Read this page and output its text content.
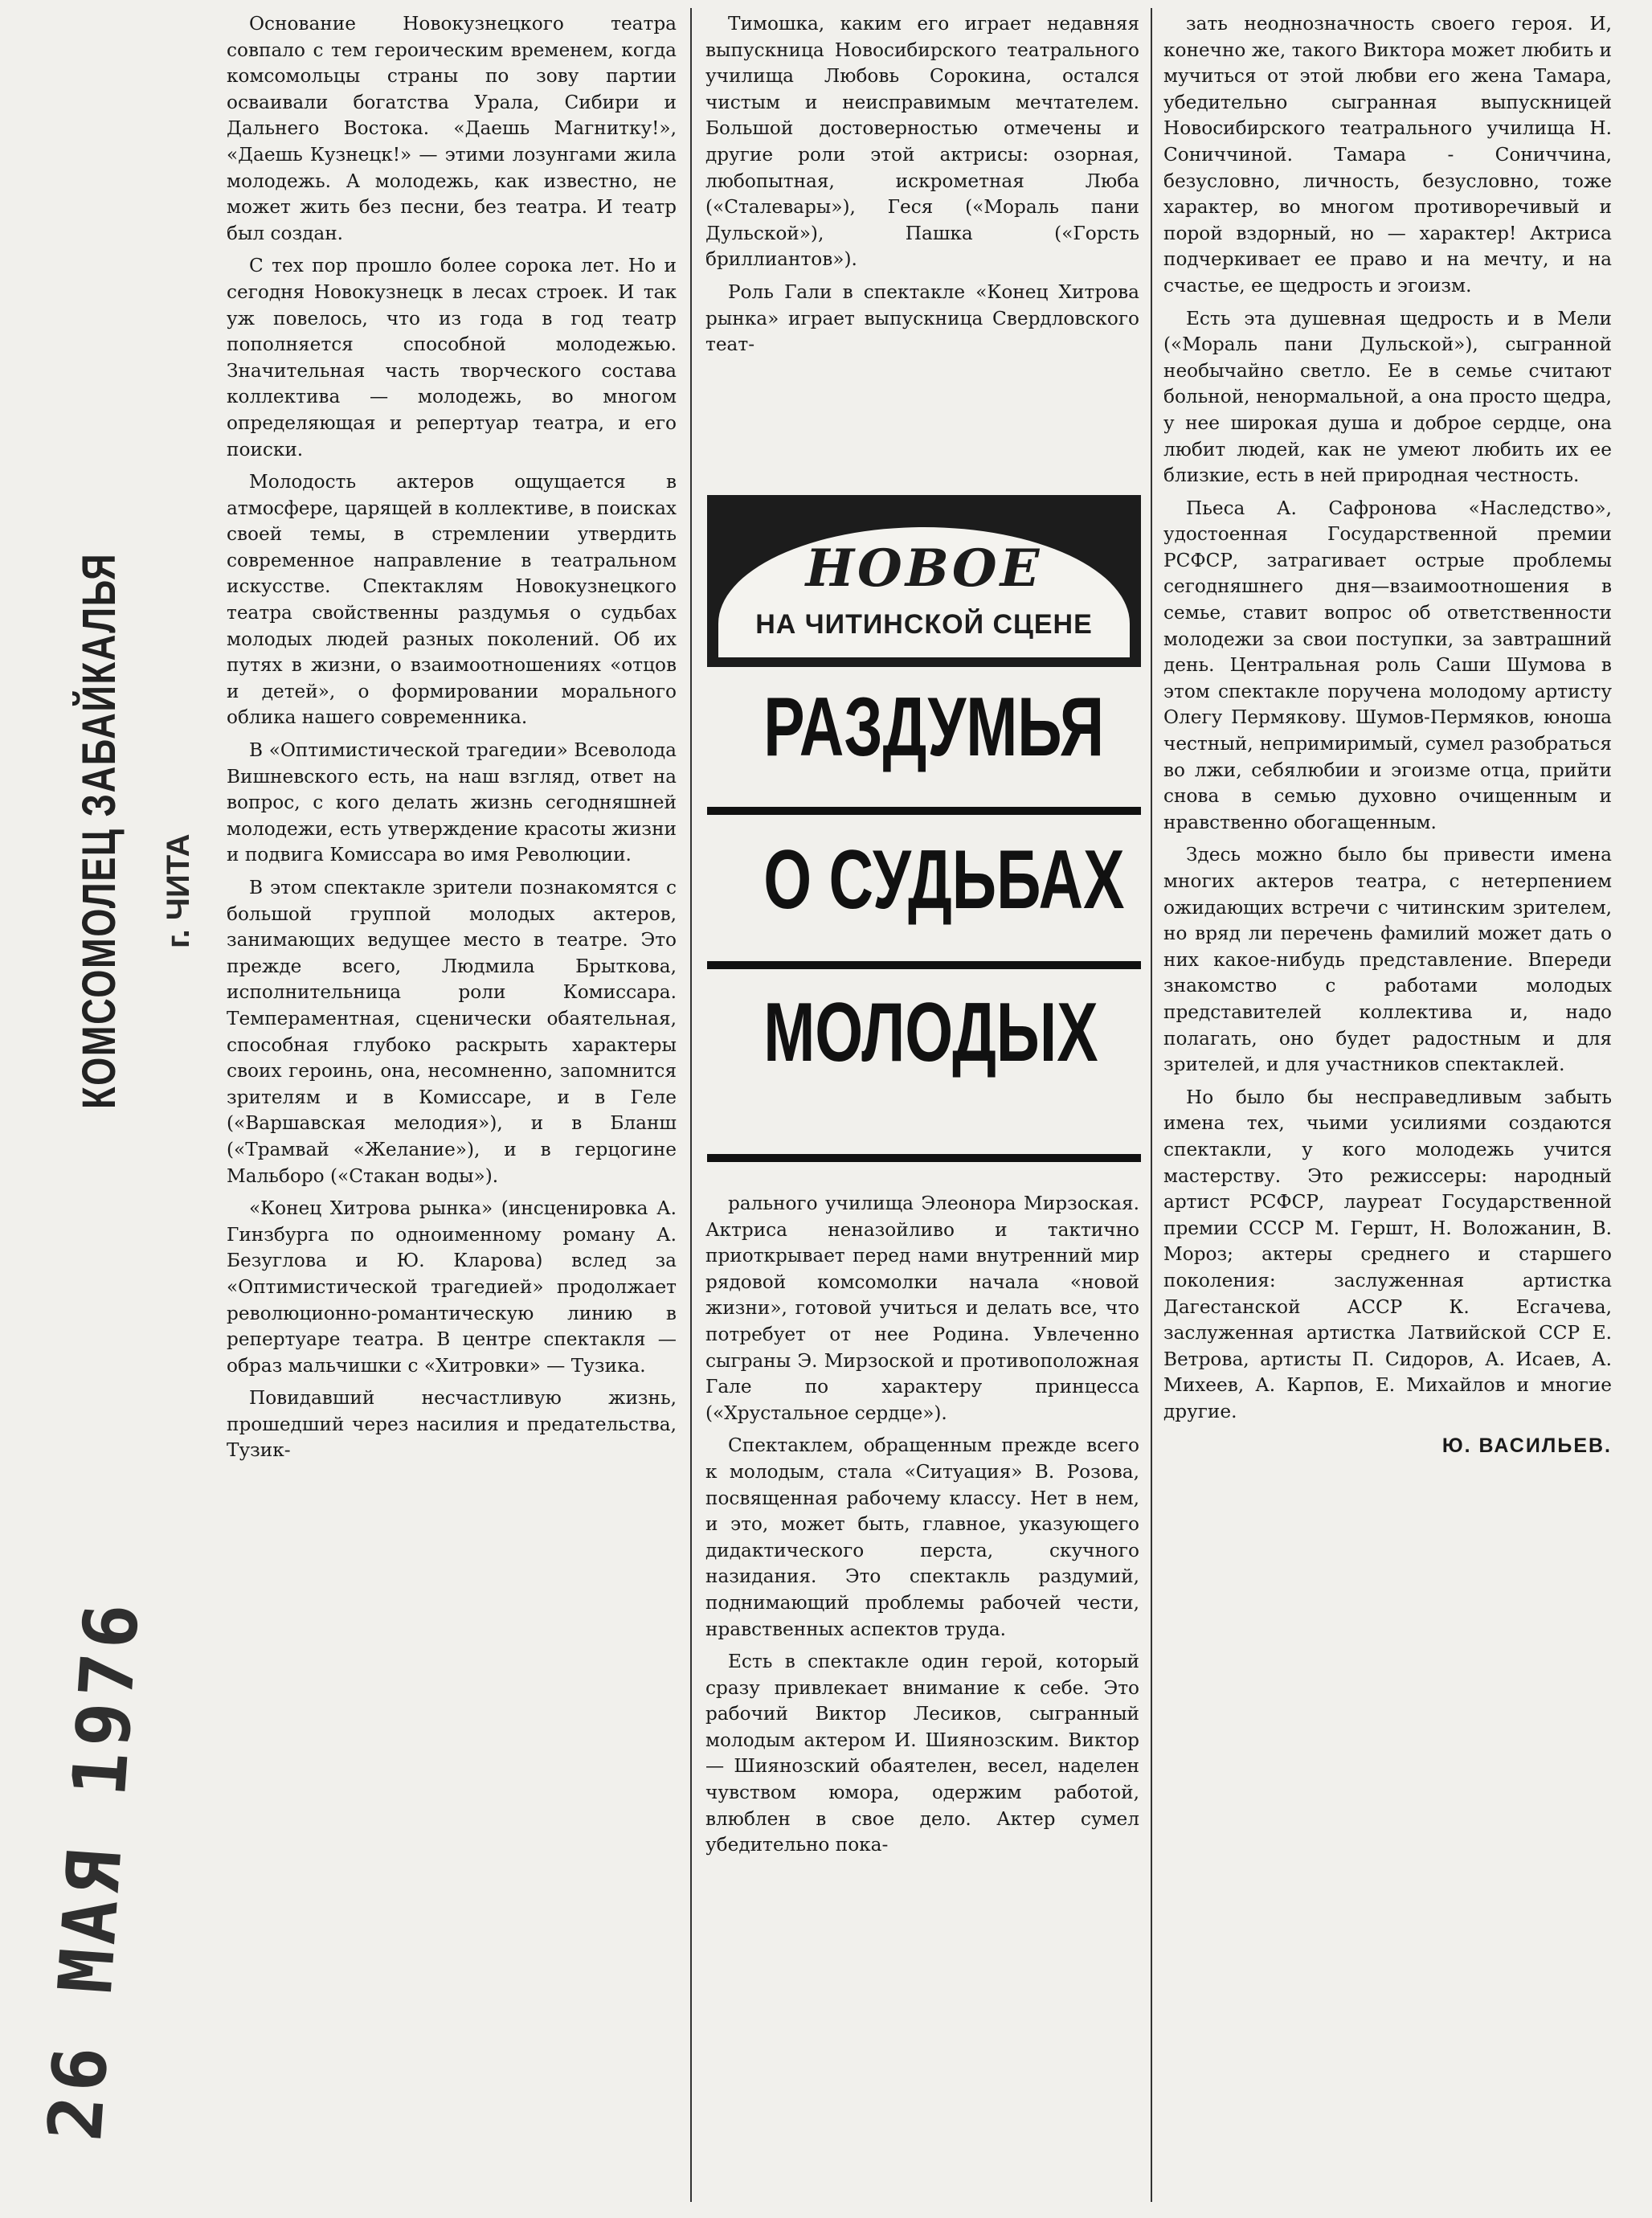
КОМСОМОЛЕЦ ЗАБАЙКАЛЬЯ г. ЧИТА
26 МАЯ 1976

Основание Новокузнецкого театра совпало с тем героическим временем, когда комсомольцы страны по зову партии осваивали богатства Урала, Сибири и Дальнего Востока. «Даешь Магнитку!», «Даешь Кузнецк!» — этими лозунгами жила молодежь. А молодежь, как известно, не может жить без песни, без театра. И театр был создан.

С тех пор прошло более сорока лет. Но и сегодня Новокузнецк в лесах строек. И так уж повелось, что из года в год театр пополняется способной молодежью. Значительная часть творческого состава коллектива — молодежь, во многом определяющая и репертуар театра, и его поиски.

Молодость актеров ощущается в атмосфере, царящей в коллективе, в поисках своей темы, в стремлении утвердить современное направление в театральном искусстве. Спектаклям Новокузнецкого театра свойственны раздумья о судьбах молодых людей разных поколений. Об их путях в жизни, о взаимоотношениях «отцов и детей», о формировании морального облика нашего современника.

В «Оптимистической трагедии» Всеволода Вишневского есть, на наш взгляд, ответ на вопрос, с кого делать жизнь сегодняшней молодежи, есть утверждение красоты жизни и подвига Комиссара во имя Революции.

В этом спектакле зрители познакомятся с большой группой молодых актеров, занимающих ведущее место в театре. Это прежде всего, Людмила Брыткова, исполнительница роли Комиссара. Темпераментная, сценически обаятельная, способная глубоко раскрыть характеры своих героинь, она, несомненно, запомнится зрителям и в Комиссаре, и в Геле («Варшавская мелодия»), и в Бланш («Трамвай «Желание»), и в герцогине Мальборо («Стакан воды»).

«Конец Хитрова рынка» (инсценировка А. Гинзбурга по одноименному роману А. Безуглова и Ю. Кларова) вслед за «Оптимистической трагедией» продолжает революционно-романтическую линию в репертуаре театра. В центре спектакля — образ мальчишки с «Хитровки» — Тузика.

Повидавший несчастливую жизнь, прошедший через насилия и предательства, Тузик-

Тимошка, каким его играет недавняя выпускница Новосибирского театрального училища Любовь Сорокина, остался чистым и неисправимым мечтателем. Большой достоверностью отмечены и другие роли этой актрисы: озорная, любопытная, искрометная Люба («Сталевары»), Геся («Мораль пани Дульской»), Пашка («Горсть бриллиантов»).

Роль Гали в спектакле «Конец Хитрова рынка» играет выпускница Свердловского теат-

НОВОЕ
НА ЧИТИНСКОЙ СЦЕНЕ
РАЗДУМЬЯ
О СУДЬБАХ
МОЛОДЫХ

рального училища Элеонора Мирзоская. Актриса неназойливо и тактично приоткрывает перед нами внутренний мир рядовой комсомолки начала «новой жизни», готовой учиться и делать все, что потребует от нее Родина. Увлеченно сыграны Э. Мирзоской и противоположная Гале по характеру принцесса («Хрустальное сердце»).

Спектаклем, обращенным прежде всего к молодым, стала «Ситуация» В. Розова, посвященная рабочему классу. Нет в нем, и это, может быть, главное, указующего дидактического перста, скучного назидания. Это спектакль раздумий, поднимающий проблемы рабочей чести, нравственных аспектов труда.

Есть в спектакле один герой, который сразу привлекает внимание к себе. Это рабочий Виктор Лесиков, сыгранный молодым актером И. Шиянозским. Виктор — Шиянозский обаятелен, весел, наделен чувством юмора, одержим работой, влюблен в свое дело. Актер сумел убедительно пока-

зать неоднозначность своего героя. И, конечно же, такого Виктора может любить и мучиться от этой любви его жена Тамара, убедительно сыгранная выпускницей Новосибирского театрального училища Н. Сониччиной. Тамара - Сониччина, безусловно, личность, безусловно, тоже характер, во многом противоречивый и порой вздорный, но — характер! Актриса подчеркивает ее право и на мечту, и на счастье, ее щедрость и эгоизм.

Есть эта душевная щедрость и в Мели («Мораль пани Дульской»), сыгранной необычайно светло. Ее в семье считают больной, ненормальной, а она просто щедра, у нее широкая душа и доброе сердце, она любит людей, как не умеют любить их ее близкие, есть в ней природная честность.

Пьеса А. Сафронова «Наследство», удостоенная Государственной премии РСФСР, затрагивает острые проблемы сегодняшнего дня—взаимоотношения в семье, ставит вопрос об ответственности молодежи за свои поступки, за завтрашний день. Центральная роль Саши Шумова в этом спектакле поручена молодому артисту Олегу Пермякову. Шумов-Пермяков, юноша честный, непримиримый, сумел разобраться во лжи, себялюбии и эгоизме отца, прийти снова в семью духовно очищенным и нравственно обогащенным.

Здесь можно было бы привести имена многих актеров театра, с нетерпением ожидающих встречи с читинским зрителем, но вряд ли перечень фамилий может дать о них какое-нибудь представление. Впереди знакомство с работами молодых представителей коллектива и, надо полагать, оно будет радостным и для зрителей, и для участников спектаклей.

Но было бы несправедливым забыть имена тех, чьими усилиями создаются спектакли, у кого молодежь учится мастерству. Это режиссеры: народный артист РСФСР, лауреат Государственной премии СССР М. Гершт, Н. Воложанин, В. Мороз; актеры среднего и старшего поколения: заслуженная артистка Дагестанской АССР К. Есгачева, заслуженная артистка Латвийской ССР Е. Ветрова, артисты П. Сидоров, А. Исаев, А. Михеев, А. Карпов, Е. Михайлов и многие другие.

Ю. ВАСИЛЬЕВ.
